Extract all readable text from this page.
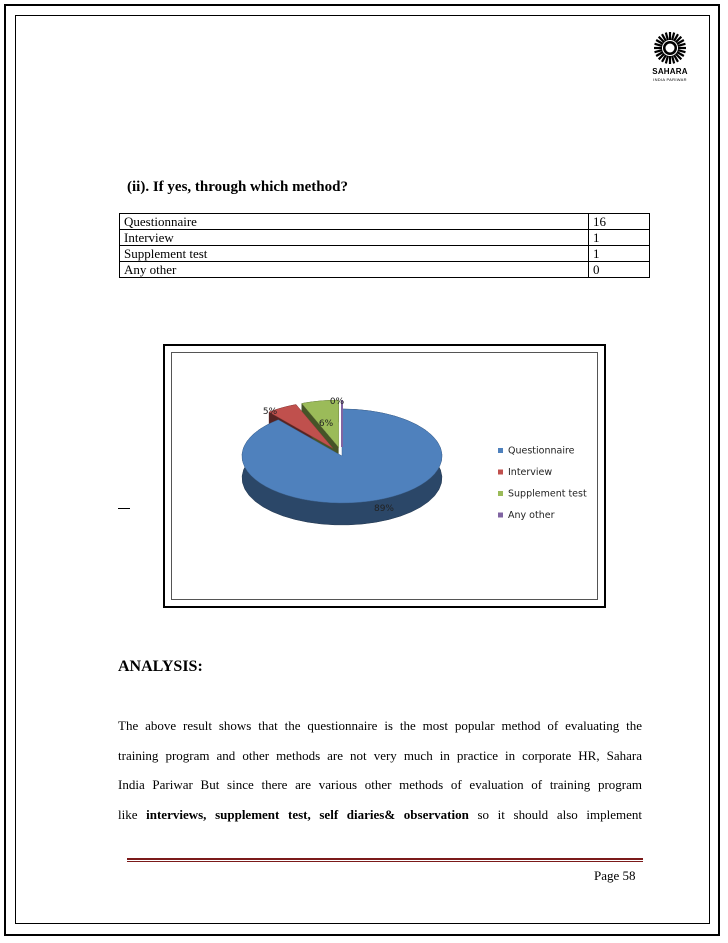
SAHARA
INDIA PARIWAR
(ii). If yes, through which method?
Questionnaire	16
Interview	1
Supplement test	1
Any other	0
89%
5%
6%
0%
Questionnaire
Interview
Supplement test
Any other
ANALYSIS:

The above result shows that the questionnaire is the most popular method of evaluating the

training program and other methods are not very much in practice in corporate HR, Sahara

India Pariwar But since there are various other methods of evaluation of training program

like interviews, supplement test, self diaries& observation so it should also implement

Page 58
